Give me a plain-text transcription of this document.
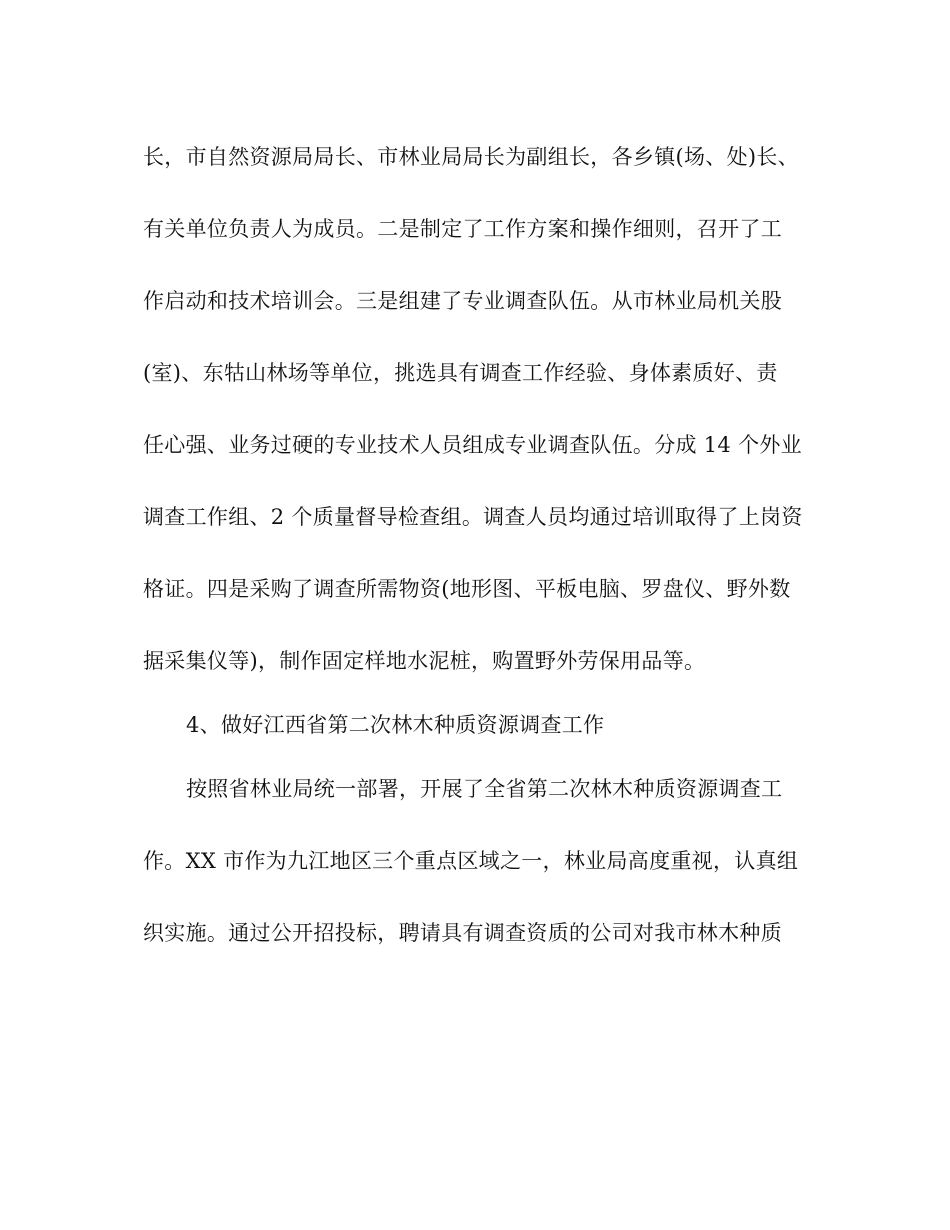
长，市自然资源局局长、市林业局局长为副组长，各乡镇(场、处)长、
有关单位负责人为成员。二是制定了工作方案和操作细则，召开了工
作启动和技术培训会。三是组建了专业调查队伍。从市林业局机关股
(室)、东牯山林场等单位，挑选具有调查工作经验、身体素质好、责
任心强、业务过硬的专业技术人员组成专业调查队伍。分成 14 个外业
调查工作组、2 个质量督导检查组。调查人员均通过培训取得了上岗资
格证。四是采购了调查所需物资(地形图、平板电脑、罗盘仪、野外数
据采集仪等)，制作固定样地水泥桩，购置野外劳保用品等。
4、做好江西省第二次林木种质资源调查工作
按照省林业局统一部署，开展了全省第二次林木种质资源调查工
作。XX 市作为九江地区三个重点区域之一，林业局高度重视，认真组
织实施。通过公开招投标，聘请具有调查资质的公司对我市林木种质
